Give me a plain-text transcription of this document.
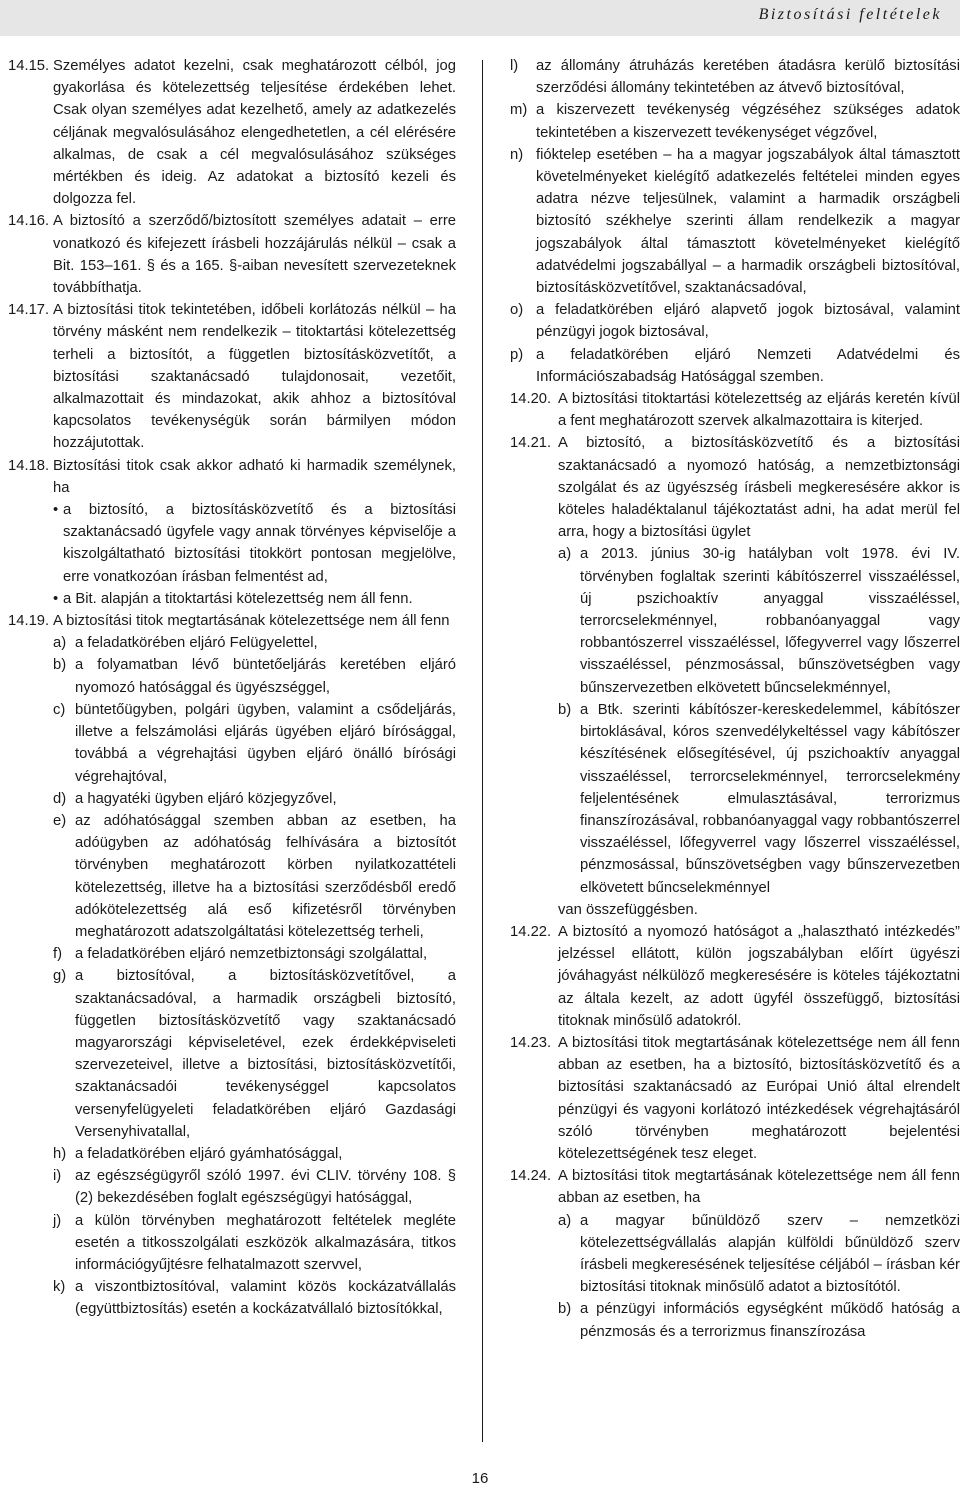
Biztosítási feltételek
14.15. Személyes adatot kezelni, csak meghatározott célból, jog gyakorlása és kötelezettség teljesítése érdekében lehet. Csak olyan személyes adat kezelhető, amely az adatkezelés céljának megvalósulásához elengedhetetlen, a cél elérésére alkalmas, de csak a cél megvalósulásához szükséges mértékben és ideig. Az adatokat a biztosító kezeli és dolgozza fel.
14.16. A biztosító a szerződő/biztosított személyes adatait – erre vonatkozó és kifejezett írásbeli hozzájárulás nélkül – csak a Bit. 153–161. § és a 165. §-aiban nevesített szervezeteknek továbbíthatja.
14.17. A biztosítási titok tekintetében, időbeli korlátozás nélkül – ha törvény másként nem rendelkezik – titoktartási kötelezettség terheli a biztosítót, a független biztosításközvetítőt, a biztosítási szaktanácsadó tulajdonosait, vezetőit, alkalmazottait és mindazokat, akik ahhoz a biztosítóval kapcsolatos tevékenységük során bármilyen módon hozzájutottak.
14.18. Biztosítási titok csak akkor adható ki harmadik személynek, ha
• a biztosító, a biztosításközvetítő és a biztosítási szaktanácsadó ügyfele vagy annak törvényes képviselője a kiszolgáltatható biztosítási titokkört pontosan megjelölve, erre vonatkozóan írásban felmentést ad,
• a Bit. alapján a titoktartási kötelezettség nem áll fenn.
14.19. A biztosítási titok megtartásának kötelezettsége nem áll fenn
a) a feladatkörében eljáró Felügyelettel,
b) a folyamatban lévő büntetőeljárás keretében eljáró nyomozó hatósággal és ügyészséggel,
c) büntetőügyben, polgári ügyben, valamint a csődeljárás, illetve a felszámolási eljárás ügyében eljáró bírósággal, továbbá a végrehajtási ügyben eljáró önálló bírósági végrehajtóval,
d) a hagyatéki ügyben eljáró közjegyzővel,
e) az adóhatósággal szemben abban az esetben, ha adóügyben az adóhatóság felhívására a biztosítót törvényben meghatározott körben nyilatkozattételi kötelezettség, illetve ha a biztosítási szerződésből eredő adókötelezettség alá eső kifizetésről törvényben meghatározott adatszolgáltatási kötelezettség terheli,
f) a feladatkörében eljáró nemzetbiztonsági szolgálattal,
g) a biztosítóval, a biztosításközvetítővel, a szaktanácsadóval, a harmadik országbeli biztosító, független biztosításközvetítő vagy szaktanácsadó magyarországi képviseletével, ezek érdekképviseleti szervezeteivel, illetve a biztosítási, biztosításközvetítői, szaktanácsadói tevékenységgel kapcsolatos versenyfelügyeleti feladatkörében eljáró Gazdasági Versenyhivatallal,
h) a feladatkörében eljáró gyámhatósággal,
i) az egészségügyről szóló 1997. évi CLIV. törvény 108. § (2) bekezdésében foglalt egészségügyi hatósággal,
j) a külön törvényben meghatározott feltételek megléte esetén a titkosszolgálati eszközök alkalmazására, titkos információgyűjtésre felhatalmazott szervvel,
k) a viszontbiztosítóval, valamint közös kockázatvállalás (együttbiztosítás) esetén a kockázatvállaló biztosítókkal,
l)	az állomány átruházás keretében átadásra kerülő biztosítási szerződési állomány tekintetében az átvevő biztosítóval,
m) a kiszervezett tevékenység végzéséhez szükséges adatok tekintetében a kiszervezett tevékenységet végzővel,
n) fióktelep esetében – ha a magyar jogszabályok által támasztott követelményeket kielégítő adatkezelés feltételei minden egyes adatra nézve teljesülnek, valamint a harmadik országbeli biztosító székhelye szerinti állam rendelkezik a magyar jogszabályok által támasztott követelményeket kielégítő adatvédelmi jogszabállyal – a harmadik országbeli biztosítóval, biztosításközvetítővel, szaktanácsadóval,
o) a feladatkörében eljáró alapvető jogok biztosával, valamint pénzügyi jogok biztosával,
p) a feladatkörében eljáró Nemzeti Adatvédelmi és Információszabadság Hatósággal szemben.
14.20. A biztosítási titoktartási kötelezettség az eljárás keretén kívül a fent meghatározott szervek alkalmazottaira is kiterjed.
14.21. A biztosító, a biztosításközvetítő és a biztosítási szaktanácsadó a nyomozó hatóság, a nemzetbiztonsági szolgálat és az ügyészség írásbeli megkeresésére akkor is köteles haladéktalanul tájékoztatást adni, ha adat merül fel arra, hogy a biztosítási ügylet
a) a 2013. június 30-ig hatályban volt 1978. évi IV. törvényben foglaltak szerinti kábítószerrel visszaéléssel, új pszichoaktív anyaggal visszaéléssel, terrorcselekménnyel, robbanóanyaggal vagy robbantószerrel visszaéléssel, lőfegyverrel vagy lőszerrel visszaéléssel, pénzmosással, bűnszövetségben vagy bűnszervezetben elkövetett bűncselekménnyel,
b) a Btk. szerinti kábítószer-kereskedelemmel, kábítószer birtoklásával, kóros szenvedélykeltéssel vagy kábítószer készítésének elősegítésével, új pszichoaktív anyaggal visszaéléssel, terrorcselekménnyel, terrorcselekmény feljelentésének elmulasztásával, terrorizmus finanszírozásával, robbanóanyaggal vagy robbantószerrel visszaéléssel, lőfegyverrel vagy lőszerrel visszaéléssel, pénzmosással, bűnszövetségben vagy bűnszervezetben elkövetett bűncselekménnyel
van összefüggésben.
14.22. A biztosító a nyomozó hatóságot a „halasztható intézkedés” jelzéssel ellátott, külön jogszabályban előírt ügyészi jóváhagyást nélkülöző megkeresésére is köteles tájékoztatni az általa kezelt, az adott ügyfél összefüggő, biztosítási titoknak minősülő adatokról.
14.23. A biztosítási titok megtartásának kötelezettsége nem áll fenn abban az esetben, ha a biztosító, biztosításközvetítő és a biztosítási szaktanácsadó az Európai Unió által elrendelt pénzügyi és vagyoni korlátozó intézkedések végrehajtásáról szóló törvényben meghatározott bejelentési kötelezettségének tesz eleget.
14.24. A biztosítási titok megtartásának kötelezettsége nem áll fenn abban az esetben, ha
a) a magyar bűnüldöző szerv – nemzetközi kötelezettségvállalás alapján külföldi bűnüldöző szerv írásbeli megkeresésének teljesítése céljából – írásban kér biztosítási titoknak minősülő adatot a biztosítótól.
b) a pénzügyi információs egységként működő hatóság a pénzmosás és a terrorizmus finanszírozása
16
